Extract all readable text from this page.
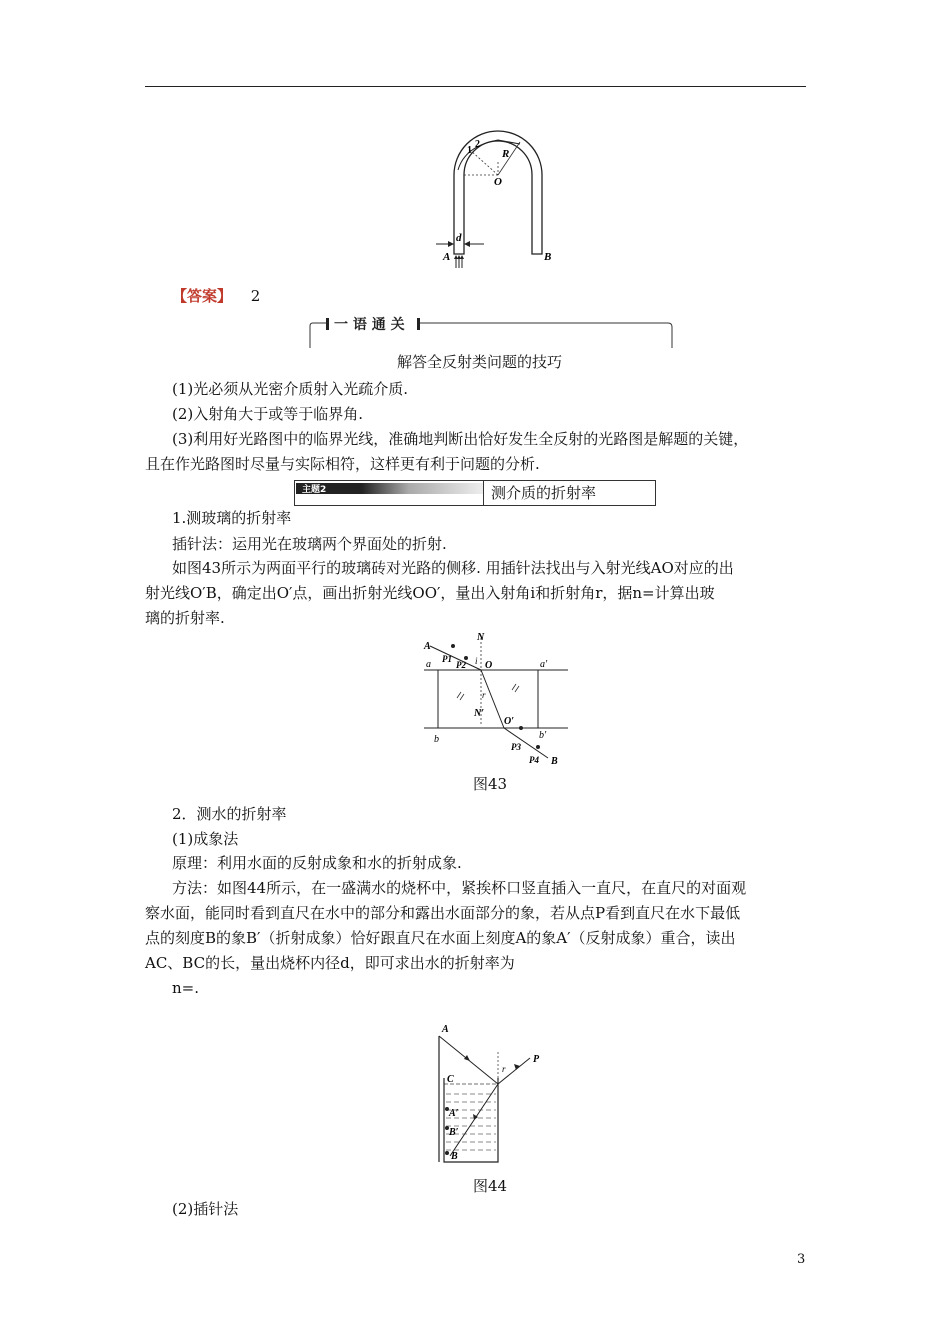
1
2
R
O
d
A	B
【答案】 2
一 语 通 关
解答全反射类问题的技巧
(1)光必须从光密介质射入光疏介质.
(2)入射角大于或等于临界角.
(3)利用好光路图中的临界光线，准确地判断出恰好发生全反射的光路图是解题的关键，
且在作光路图时尽量与实际相符，这样更有利于问题的分析.
主题2	测介质的折射率
1.测玻璃的折射率
插针法：运用光在玻璃两个界面处的折射.
如图43所示为两面平行的玻璃砖对光路的侧移. 用插针法找出与入射光线AO对应的出
射光线O′B，确定出O′点，画出折射光线OO′，量出入射角i和折射角r，据n=计算出玻
璃的折射率.
A
N
P1
P2 i O
a	a′
r
N′
O′
b	b′
P3
P4 B
图43
2．测水的折射率
(1)成象法
原理：利用水面的反射成象和水的折射成象.
方法：如图44所示，在一盛满水的烧杯中，紧挨杯口竖直插入一直尺，在直尺的对面观
察水面，能同时看到直尺在水中的部分和露出水面部分的象，若从点P看到直尺在水下最低
点的刻度B的象B′（折射成象）恰好跟直尺在水面上刻度A的象A′（反射成象）重合，读出
AC、BC的长，量出烧杯内径d，即可求出水的折射率为
n=.
A
P
r
C
A′
B′
B
图44
(2)插针法
3
